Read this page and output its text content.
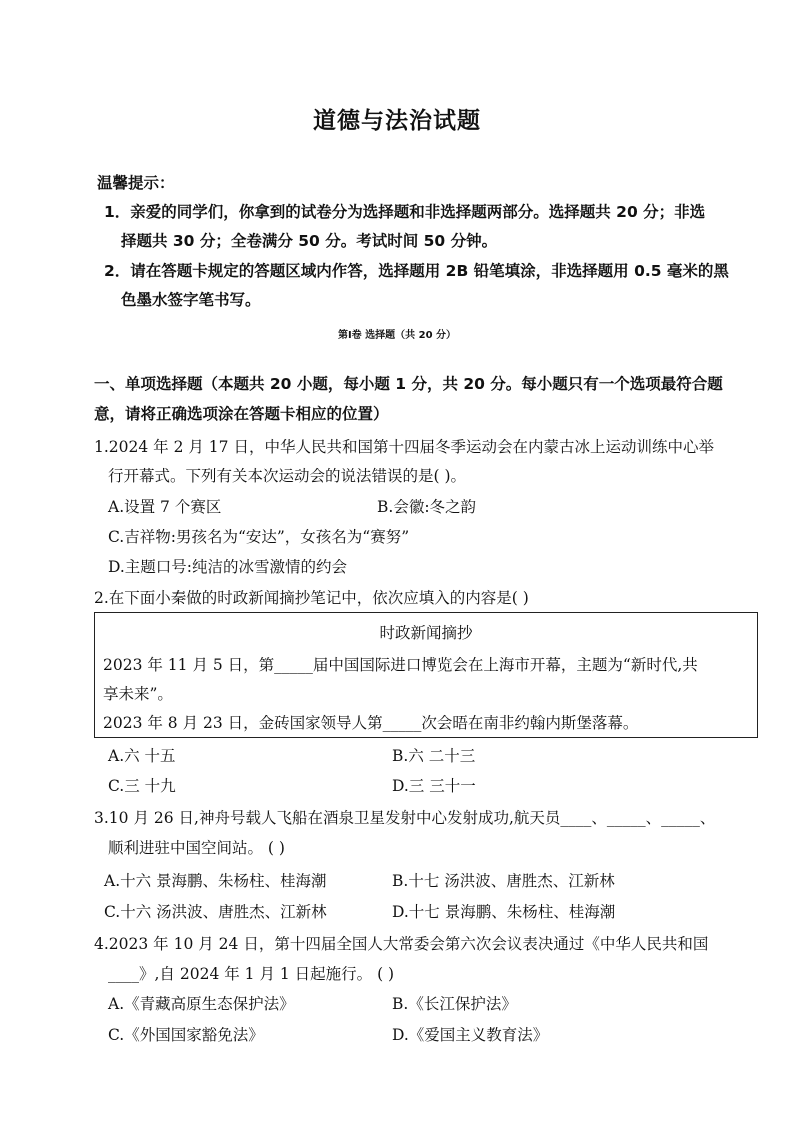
道德与法治试题
温馨提示：
1．亲爱的同学们，你拿到的试卷分为选择题和非选择题两部分。选择题共 20 分；非选
择题共 30 分；全卷满分 50 分。考试时间 50 分钟。
2．请在答题卡规定的答题区域内作答，选择题用 2B 铅笔填涂，非选择题用 0.5 毫米的黑
色墨水签字笔书写。
第Ⅰ卷 选择题（共 20 分）
一、单项选择题（本题共 20 小题，每小题 1 分，共 20 分。每小题只有一个选项最符合题
意，请将正确选项涂在答题卡相应的位置）
1.2024 年 2 月 17 日，中华人民共和国第十四届冬季运动会在内蒙古冰上运动训练中心举
行开幕式。下列有关本次运动会的说法错误的是( )。
A.设置 7 个赛区	B.会徽:冬之韵
C.吉祥物:男孩名为“安达”，女孩名为“赛努”
D.主题口号:纯洁的冰雪激情的约会
2.在下面小秦做的时政新闻摘抄笔记中，依次应填入的内容是( )
时政新闻摘抄
2023 年 11 月 5 日，第_____届中国国际进口博览会在上海市开幕，主题为“新时代,共
享未来”。
2023 年 8 月 23 日，金砖国家领导人第_____次会晤在南非约翰内斯堡落幕。
A.六 十五	B.六 二十三
C.三 十九	D.三 三十一
3.10 月 26 日,神舟号载人飞船在酒泉卫星发射中心发射成功,航天员____、_____、_____、
顺利进驻中国空间站。 ( )
A.十六 景海鹏、朱杨柱、桂海潮	B.十七 汤洪波、唐胜杰、江新林
C.十六 汤洪波、唐胜杰、江新林	D.十七 景海鹏、朱杨柱、桂海潮
4.2023 年 10 月 24 日，第十四届全国人大常委会第六次会议表决通过《中华人民共和国
____》,自 2024 年 1 月 1 日起施行。 ( )
A.《青藏高原生态保护法》	B.《长江保护法》
C.《外国国家豁免法》	D.《爱国主义教育法》
